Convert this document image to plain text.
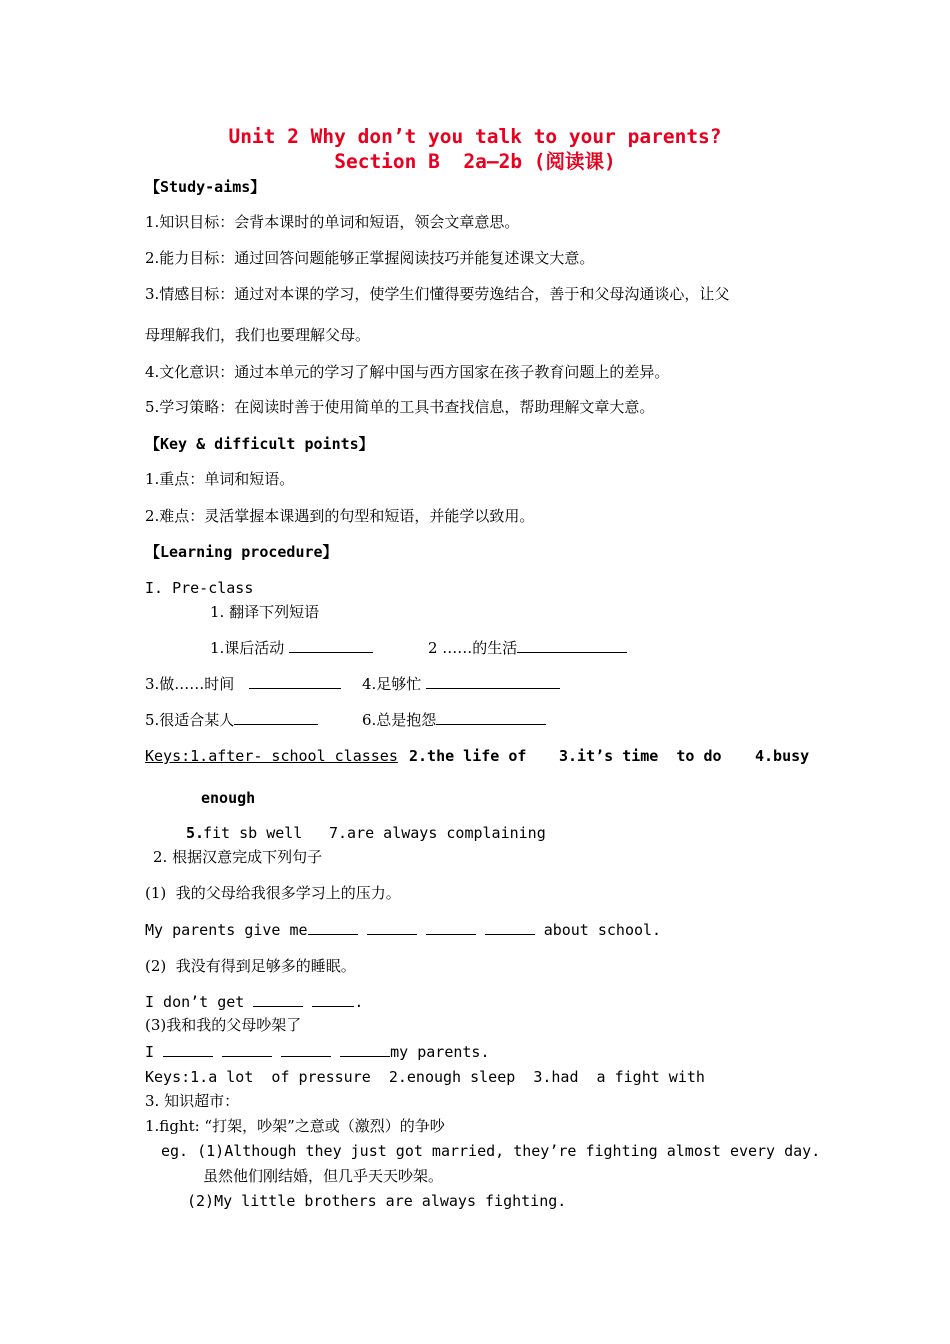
Unit 2 Why don’t you talk to your parents?
Section B  2a—2b (阅读课)
【Study-aims】
1.知识目标：会背本课时的单词和短语，领会文章意思。
2.能力目标：通过回答问题能够正掌握阅读技巧并能复述课文大意。
3.情感目标：通过对本课的学习，使学生们懂得要劳逸结合，善于和父母沟通谈心，让父
母理解我们，我们也要理解父母。
4.文化意识：通过本单元的学习了解中国与西方国家在孩子教育问题上的差异。
5.学习策略：在阅读时善于使用简单的工具书查找信息，帮助理解文章大意。
【Key & difficult points】
1.重点：单词和短语。
2.难点：灵活掌握本课遇到的句型和短语，并能学以致用。
【Learning procedure】
I. Pre-class
1. 翻译下列短语
1.课后活动	2 ……的生活
3.做……时间	4.足够忙
5.很适合某人	6.总是抱怨
Keys:1.after- school classes 2.the life of 3.it’s time  to do 4.busy
enough
5.
fit sb well 7.are always complaining
2. 根据汉意完成下列句子
(1)  我的父母给我很多学习上的压力。
My parents give me	about school.
(2)  我没有得到足够多的睡眠。
I don’t get	.
(3)我和我的父母吵架了
I	my parents.
Keys:1.a lot  of pressure  2.enough sleep  3.had  a fight with
3. 知识超市：
1.fight: “打架，吵架”之意或（激烈）的争吵
eg. (1)Although they just got married, they’re fighting almost every day.
虽然他们刚结婚，但几乎天天吵架。
(2)My little brothers are always fighting.
